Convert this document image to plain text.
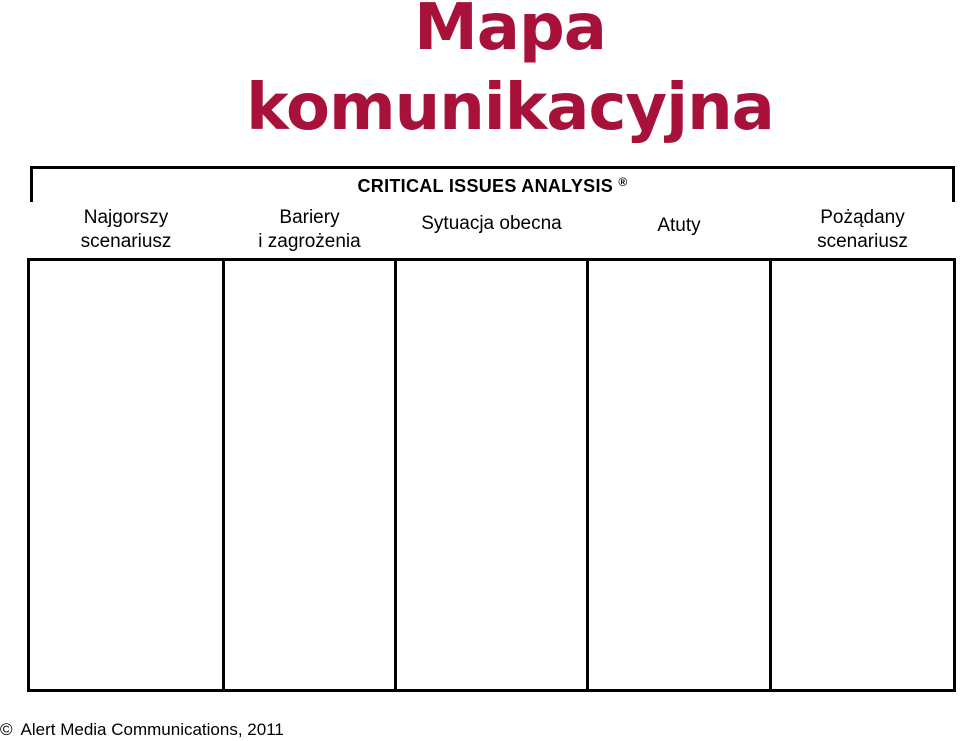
Mapa
komunikacyjna
CRITICAL ISSUES ANALYSIS ®
Najgorszy
scenariusz
Bariery
i zagrożenia
Sytuacja obecna	Atuty	Pożądany
scenariusz
© Alert Media Communications, 2011
